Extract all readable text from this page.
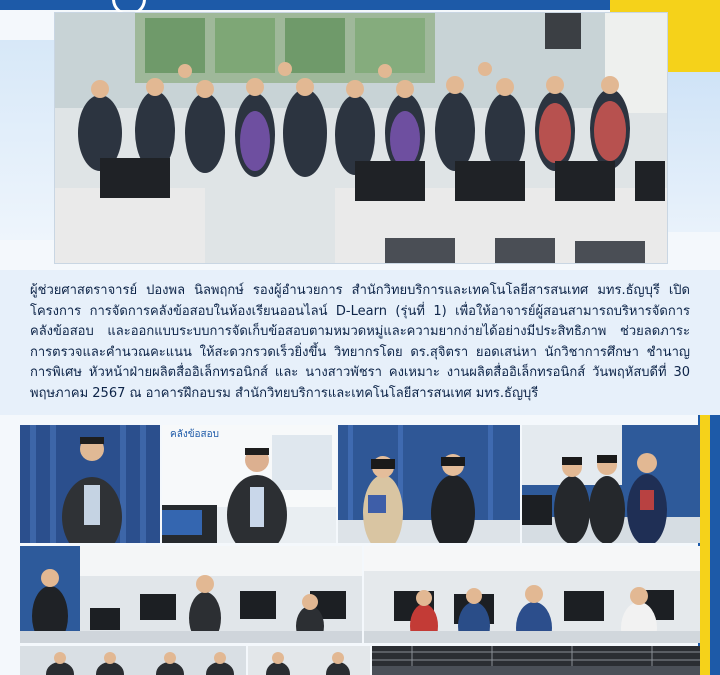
ผู้ช่วยศาสตราจารย์ ปองพล นิลพฤกษ์ รองผู้อำนวยการ สำนักวิทยบริการและเทคโนโลยีสารสนเทศ มทร.ธัญบุรี เปิดโครงการ การจัดการคลังข้อสอบในห้องเรียนออนไลน์ D-Learn (รุ่นที่ 1) เพื่อให้อาจารย์ผู้สอนสามารถบริหารจัดการคลังข้อสอบ และออกแบบระบบการจัดเก็บข้อสอบตามหมวดหมู่และความยากง่ายได้อย่างมีประสิทธิภาพ ช่วยลดภาระการตรวจและคำนวณคะแนน ให้สะดวกรวดเร็วยิ่งขึ้น วิทยากรโดย ดร.สุจิตรา ยอดเสน่หา นักวิชาการศึกษา ชำนาญการพิเศษ หัวหน้าฝ่ายผลิตสื่ออิเล็กทรอนิกส์ และ นางสาวพัชรา คงเหมาะ งานผลิตสื่ออิเล็กทรอนิกส์ วันพฤหัสบดีที่ 30 พฤษภาคม 2567 ณ อาคารฝึกอบรม สำนักวิทยบริการและเทคโนโลยีสารสนเทศ มทร.ธัญบุรี

คลังข้อสอบ
